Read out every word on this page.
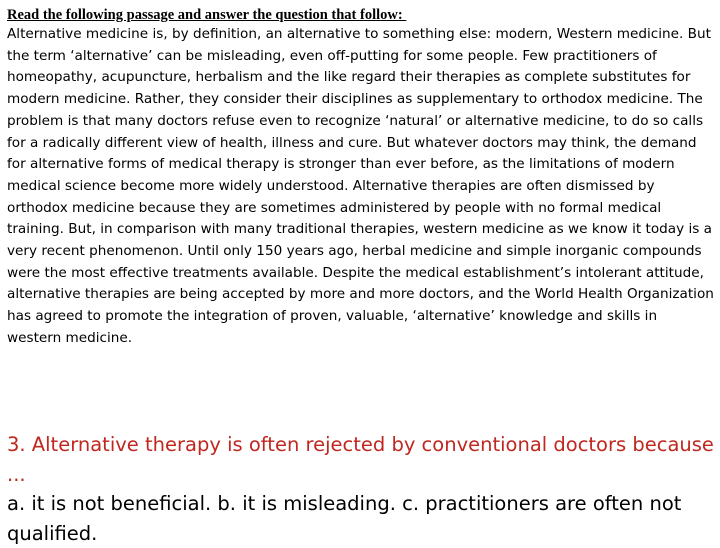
Read the following passage and answer the question that follow:

Alternative medicine is, by definition, an alternative to something else: modern, Western medicine. But the term ‘alternative’ can be misleading, even off-putting for some people. Few practitioners of homeopathy, acupuncture, herbalism and the like regard their therapies as complete substitutes for modern medicine. Rather, they consider their disciplines as supplementary to orthodox medicine. The problem is that many doctors refuse even to recognize ‘natural’ or alternative medicine, to do so calls for a radically different view of health, illness and cure. But whatever doctors may think, the demand for alternative forms of medical therapy is stronger than ever before, as the limitations of modern medical science become more widely understood. Alternative therapies are often dismissed by orthodox medicine because they are sometimes administered by people with no formal medical training. But, in comparison with many traditional therapies, western medicine as we know it today is a very recent phenomenon. Until only 150 years ago, herbal medicine and simple inorganic compounds were the most effective treatments available. Despite the medical establishment’s intolerant attitude, alternative therapies are being accepted by more and more doctors, and the World Health Organization has agreed to promote the integration of proven, valuable, ‘alternative’ knowledge and skills in western medicine.

3. Alternative therapy is often rejected by conventional doctors because ...

a. it is not beneficial. b. it is misleading. c. practitioners are often not qualified.
